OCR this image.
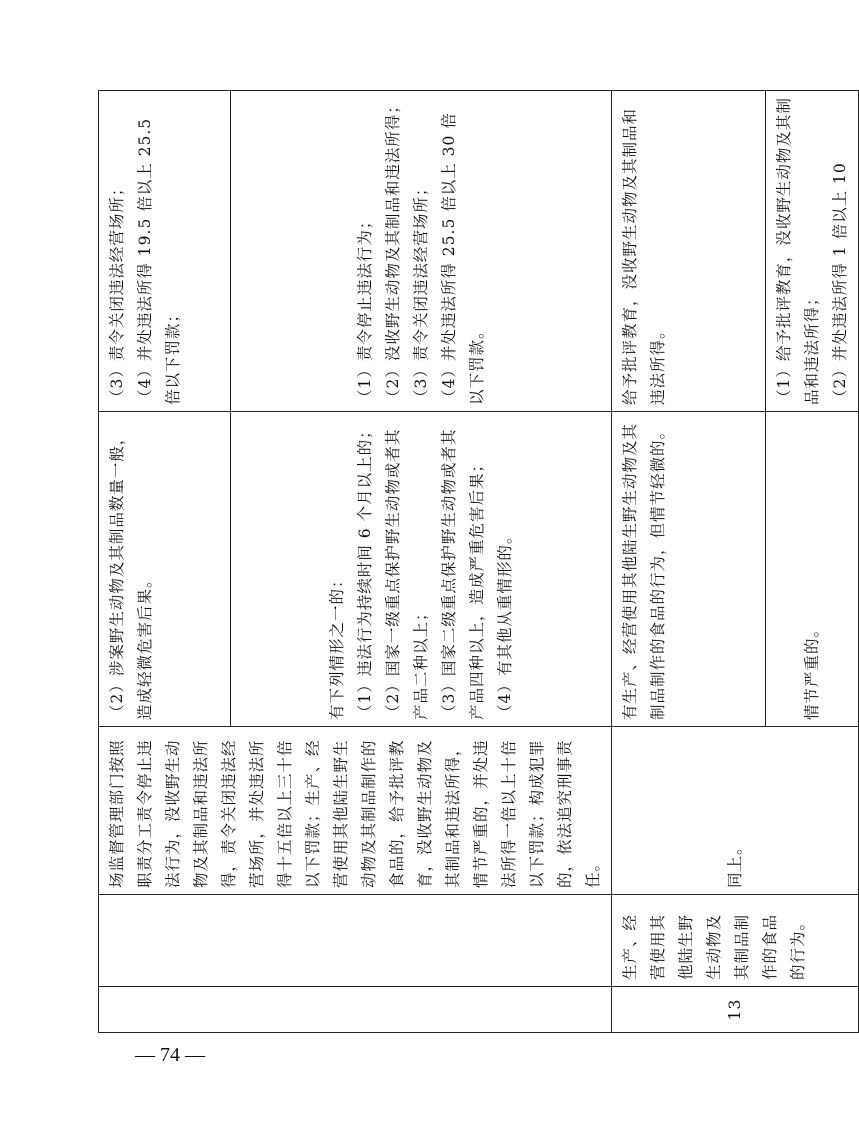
		场监督管理部门按照职责分工责令停止违法行为，没收野生动物及其制品和违法所得，责令关闭违法经营场所，并处违法所得十五倍以上三十倍以下罚款；生产、经营使用其他陆生野生动物及其制品制作的食品的，给予批评教育，没收野生动物及其制品和违法所得，情节严重的，并处违法所得一倍以上十倍以下罚款；构成犯罪的，依法追究刑事责任。	（2）涉案野生动物及其制品数量一般，造成轻微危害后果。	（3）责令关闭违法经营场所； （4）并处违法所得 19.5 倍以上 25.5 倍以下罚款；

			有下列情形之一的： （1）违法行为持续时间 6 个月以上的； （2）国家一级重点保护野生动物或者其产品二种以上； （3）国家二级重点保护野生动物或者其产品四种以上，造成严重危害后果； （4）有其他从重情形的。	（1）责令停止违法行为； （2）没收野生动物及其制品和违法所得； （3）责令关闭违法经营场所； （4）并处违法所得 25.5 倍以上 30 倍以下罚款。

13	生产、经营使用其他陆生野生动物及其制品制作的食品的行为。	同上。	有生产、经营使用其他陆生野生动物及其制品制作的食品的行为，但情节轻微的。	给予批评教育，没收野生动物及其制品和违法所得。
			情节严重的。	（1）给予批评教育，没收野生动物及其制品和违法所得； （2）并处违法所得 1 倍以上 10
— 74 —
